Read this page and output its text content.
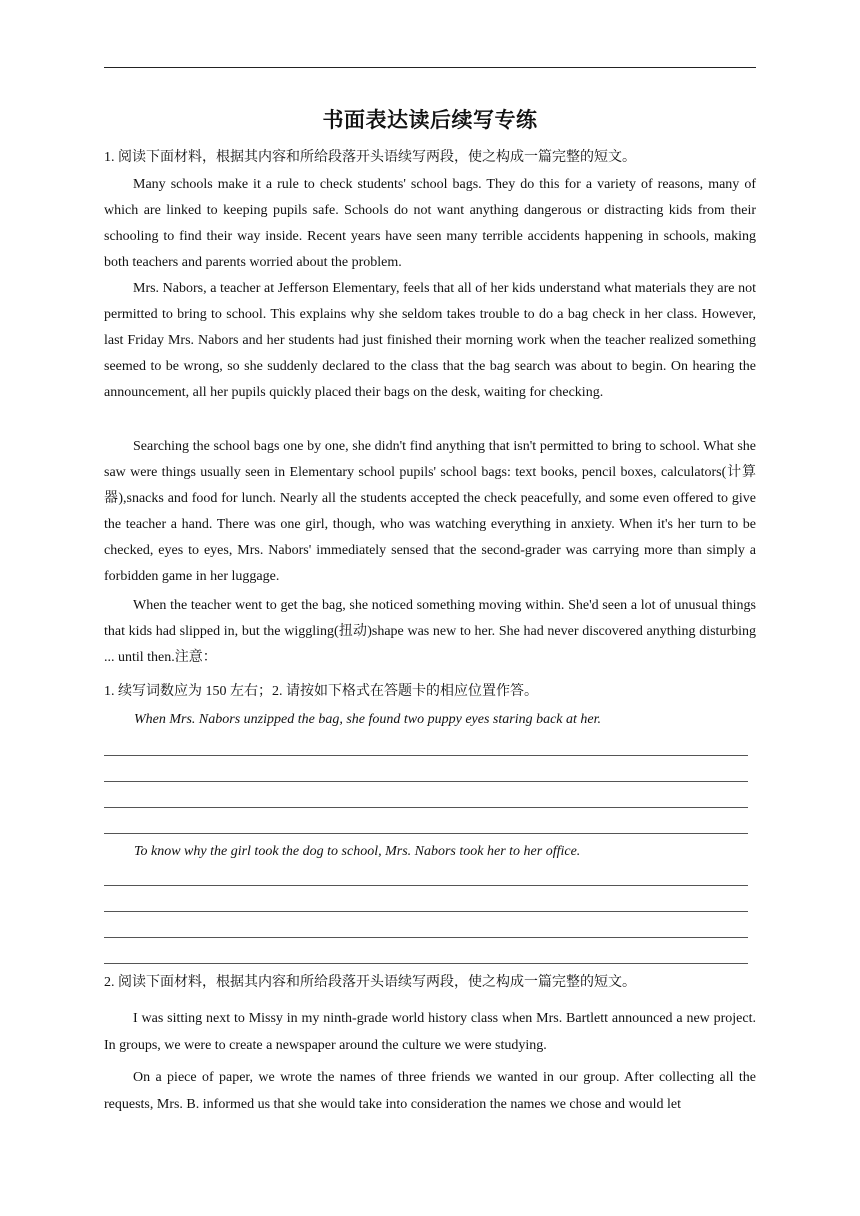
书面表达读后续写专练
1. 阅读下面材料，根据其内容和所给段落开头语续写两段，使之构成一篇完整的短文。

Many schools make it a rule to check students' school bags. They do this for a variety of reasons, many of which are linked to keeping pupils safe. Schools do not want anything dangerous or distracting kids from their schooling to find their way inside. Recent years have seen many terrible accidents happening in schools, making both teachers and parents worried about the problem.

Mrs. Nabors, a teacher at Jefferson Elementary, feels that all of her kids understand what materials they are not permitted to bring to school. This explains why she seldom takes trouble to do a bag check in her class. However, last Friday Mrs. Nabors and her students had just finished their morning work when the teacher realized something seemed to be wrong, so she suddenly declared to the class that the bag search was about to begin. On hearing the announcement, all her pupils quickly placed their bags on the desk, waiting for checking.

Searching the school bags one by one, she didn't find anything that isn't permitted to bring to school. What she saw were things usually seen in Elementary school pupils' school bags: text books, pencil boxes, calculators(计算器),snacks and food for lunch. Nearly all the students accepted the check peacefully, and some even offered to give the teacher a hand. There was one girl, though, who was watching everything in anxiety. When it's her turn to be checked, eyes to eyes, Mrs. Nabors' immediately sensed that the second-grader was carrying more than simply a forbidden game in her luggage.

When the teacher went to get the bag, she noticed something moving within. She'd seen a lot of unusual things that kids had slipped in, but the wiggling(扭动)shape was new to her. She had never discovered anything disturbing ... until then.注意：

1. 续写词数应为 150 左右；2. 请按如下格式在答题卡的相应位置作答。
When Mrs. Nabors unzipped the bag, she found two puppy eyes staring back at her.
To know why the girl took the dog to school, Mrs. Nabors took her to her office.
2. 阅读下面材料，根据其内容和所给段落开头语续写两段，使之构成一篇完整的短文。

I was sitting next to Missy in my ninth-grade world history class when Mrs. Bartlett announced a new project. In groups, we were to create a newspaper around the culture we were studying.

On a piece of paper, we wrote the names of three friends we wanted in our group. After collecting all the requests, Mrs. B. informed us that she would take into consideration the names we chose and would let
